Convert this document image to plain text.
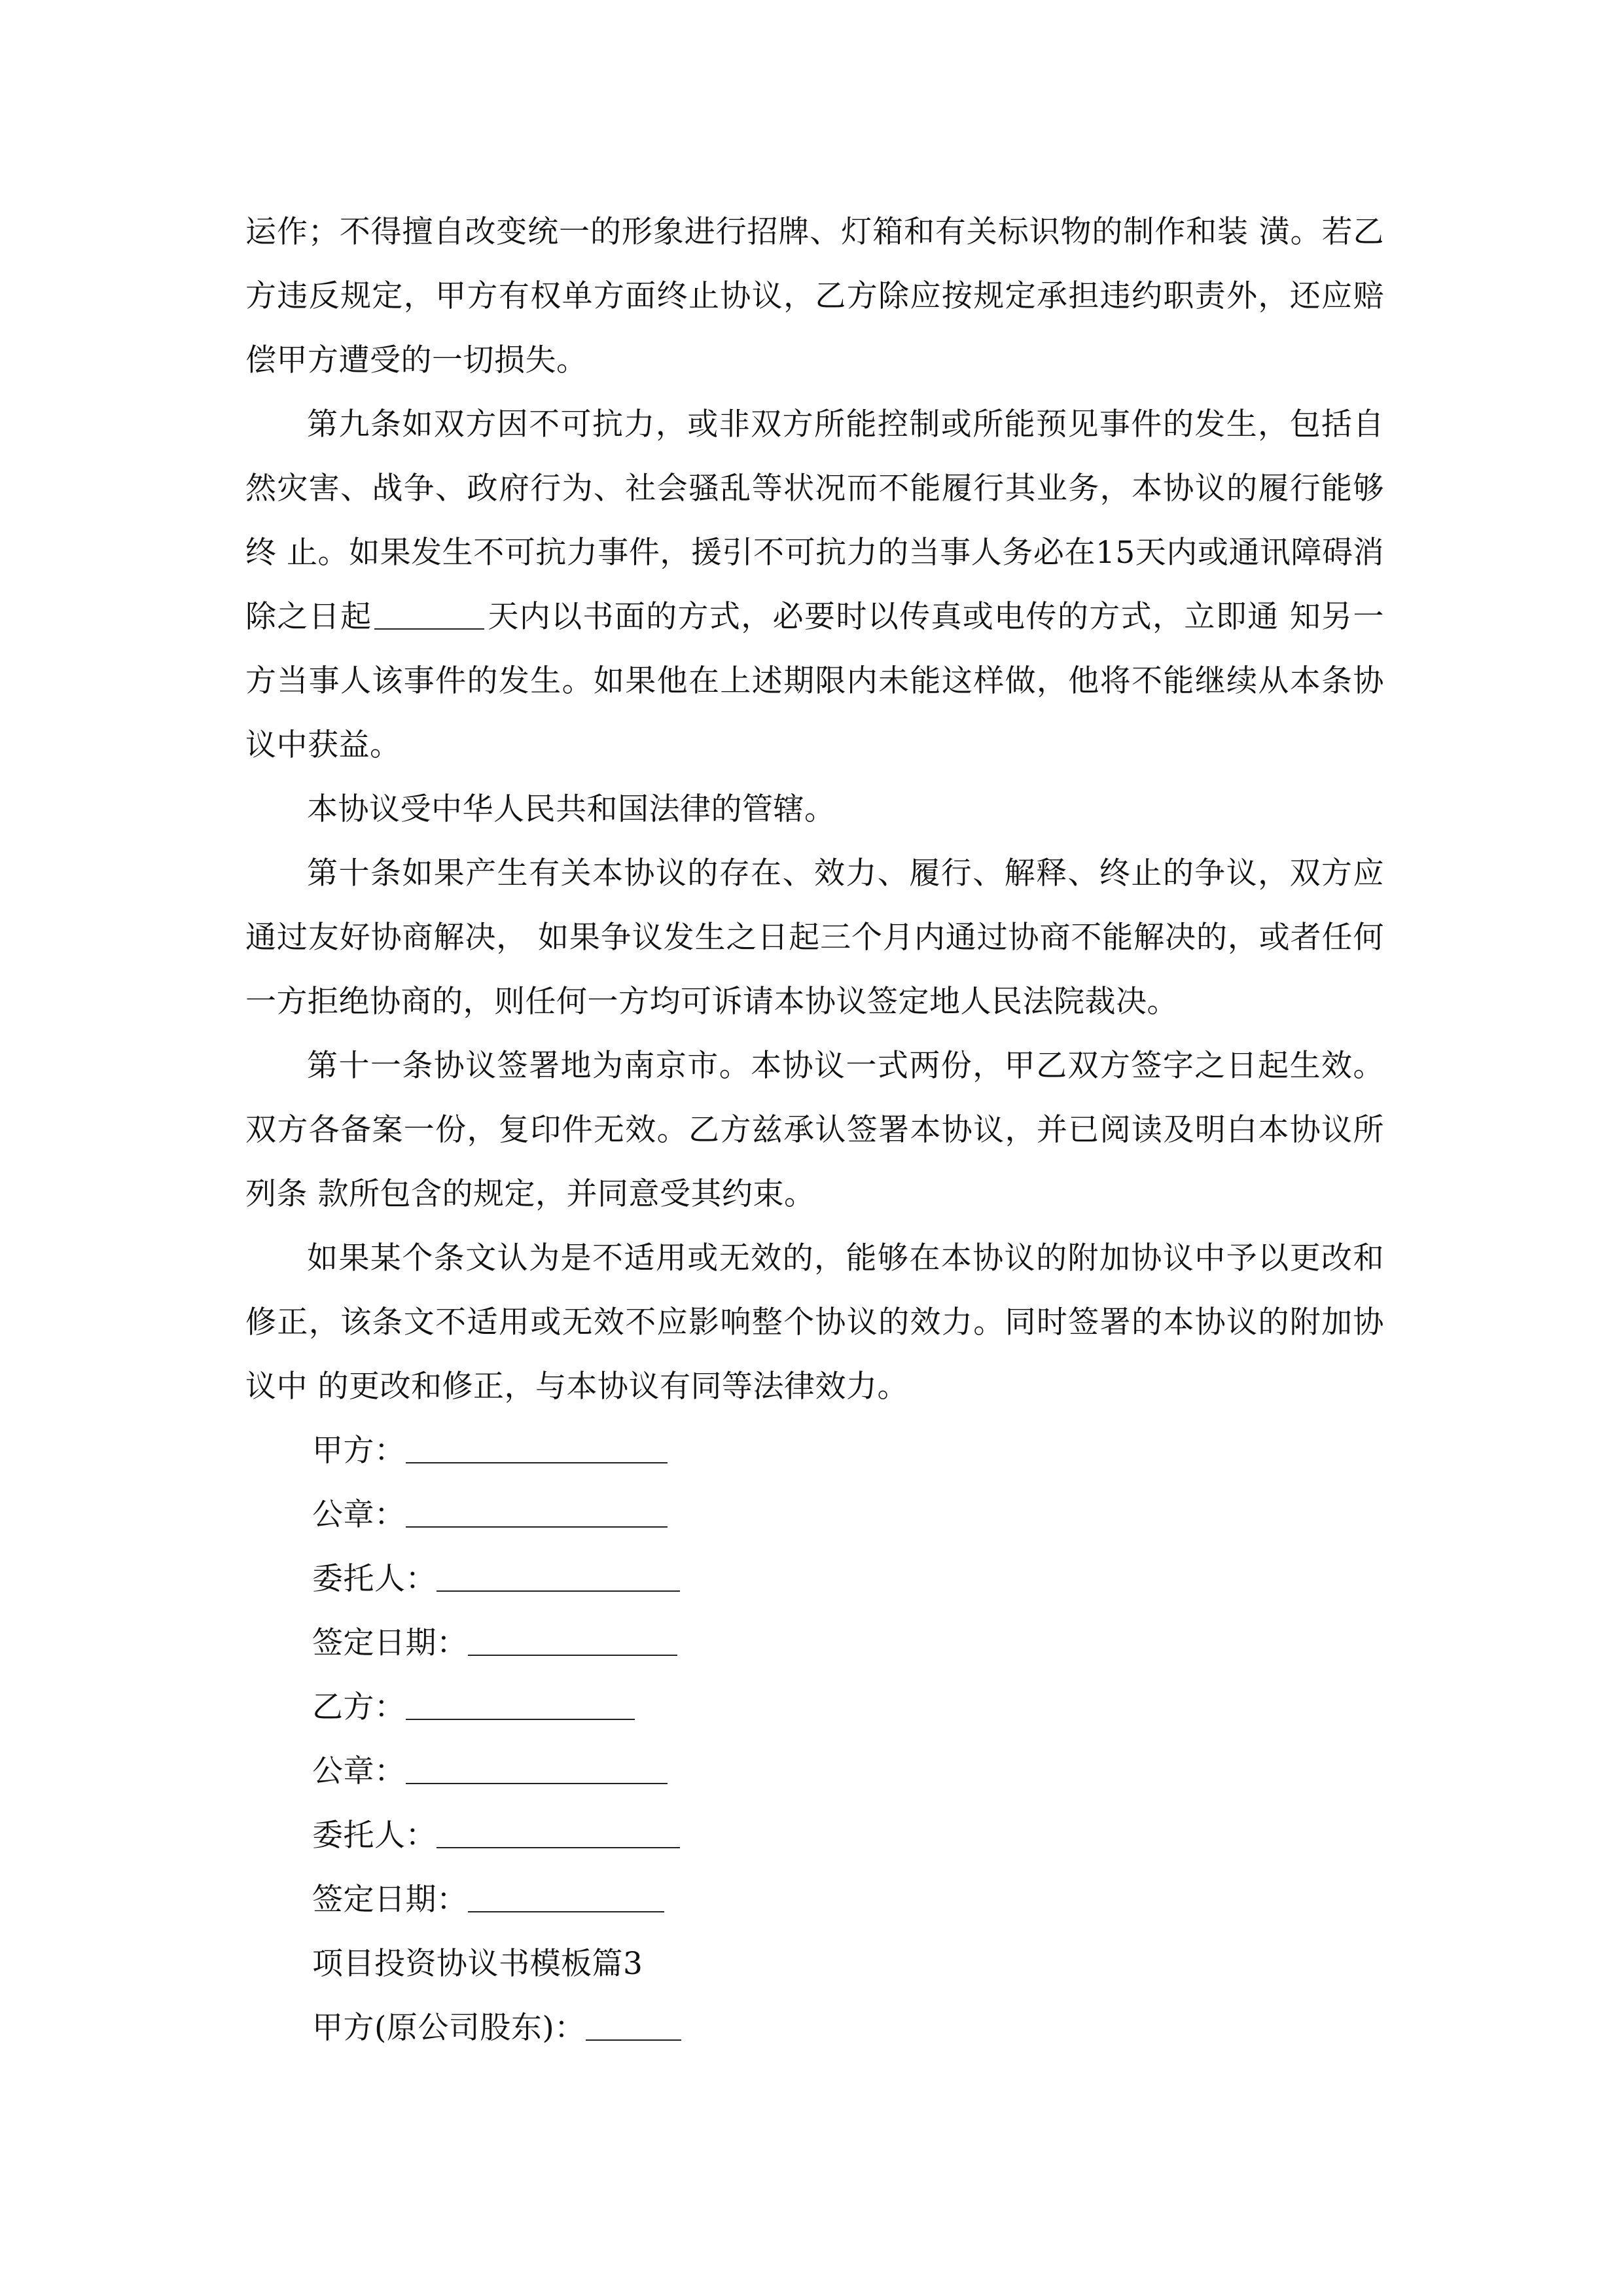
运作；不得擅自改变统一的形象进行招牌、灯箱和有关标识物的制作和装 潢。若乙方违反规定，甲方有权单方面终止协议，乙方除应按规定承担违约职责外，还应赔偿甲方遭受的一切损失。

第九条如双方因不可抗力，或非双方所能控制或所能预见事件的发生，包括自然灾害、战争、政府行为、社会骚乱等状况而不能履行其业务，本协议的履行能够终 止。如果发生不可抗力事件，援引不可抗力的当事人务必在15天内或通讯障碍消除之日起	天内以书面的方式，必要时以传真或电传的方式，立即通 知另一方当事人该事件的发生。如果他在上述期限内未能这样做，他将不能继续从本条协议中获益。

本协议受中华人民共和国法律的管辖。

第十条如果产生有关本协议的存在、效力、履行、解释、终止的争议，双方应通过友好协商解决， 如果争议发生之日起三个月内通过协商不能解决的，或者任何一方拒绝协商的，则任何一方均可诉请本协议签定地人民法院裁决。

第十一条协议签署地为南京市。本协议一式两份，甲乙双方签字之日起生效。双方各备案一份，复印件无效。乙方兹承认签署本协议，并已阅读及明白本协议所列条 款所包含的规定，并同意受其约束。

如果某个条文认为是不适用或无效的，能够在本协议的附加协议中予以更改和修正，该条文不适用或无效不应影响整个协议的效力。同时签署的本协议的附加协议中 的更改和修正，与本协议有同等法律效力。

甲方：
公章：
委托人：
签定日期：
乙方：
公章：
委托人：
签定日期：
项目投资协议书模板篇3
甲方(原公司股东)：
